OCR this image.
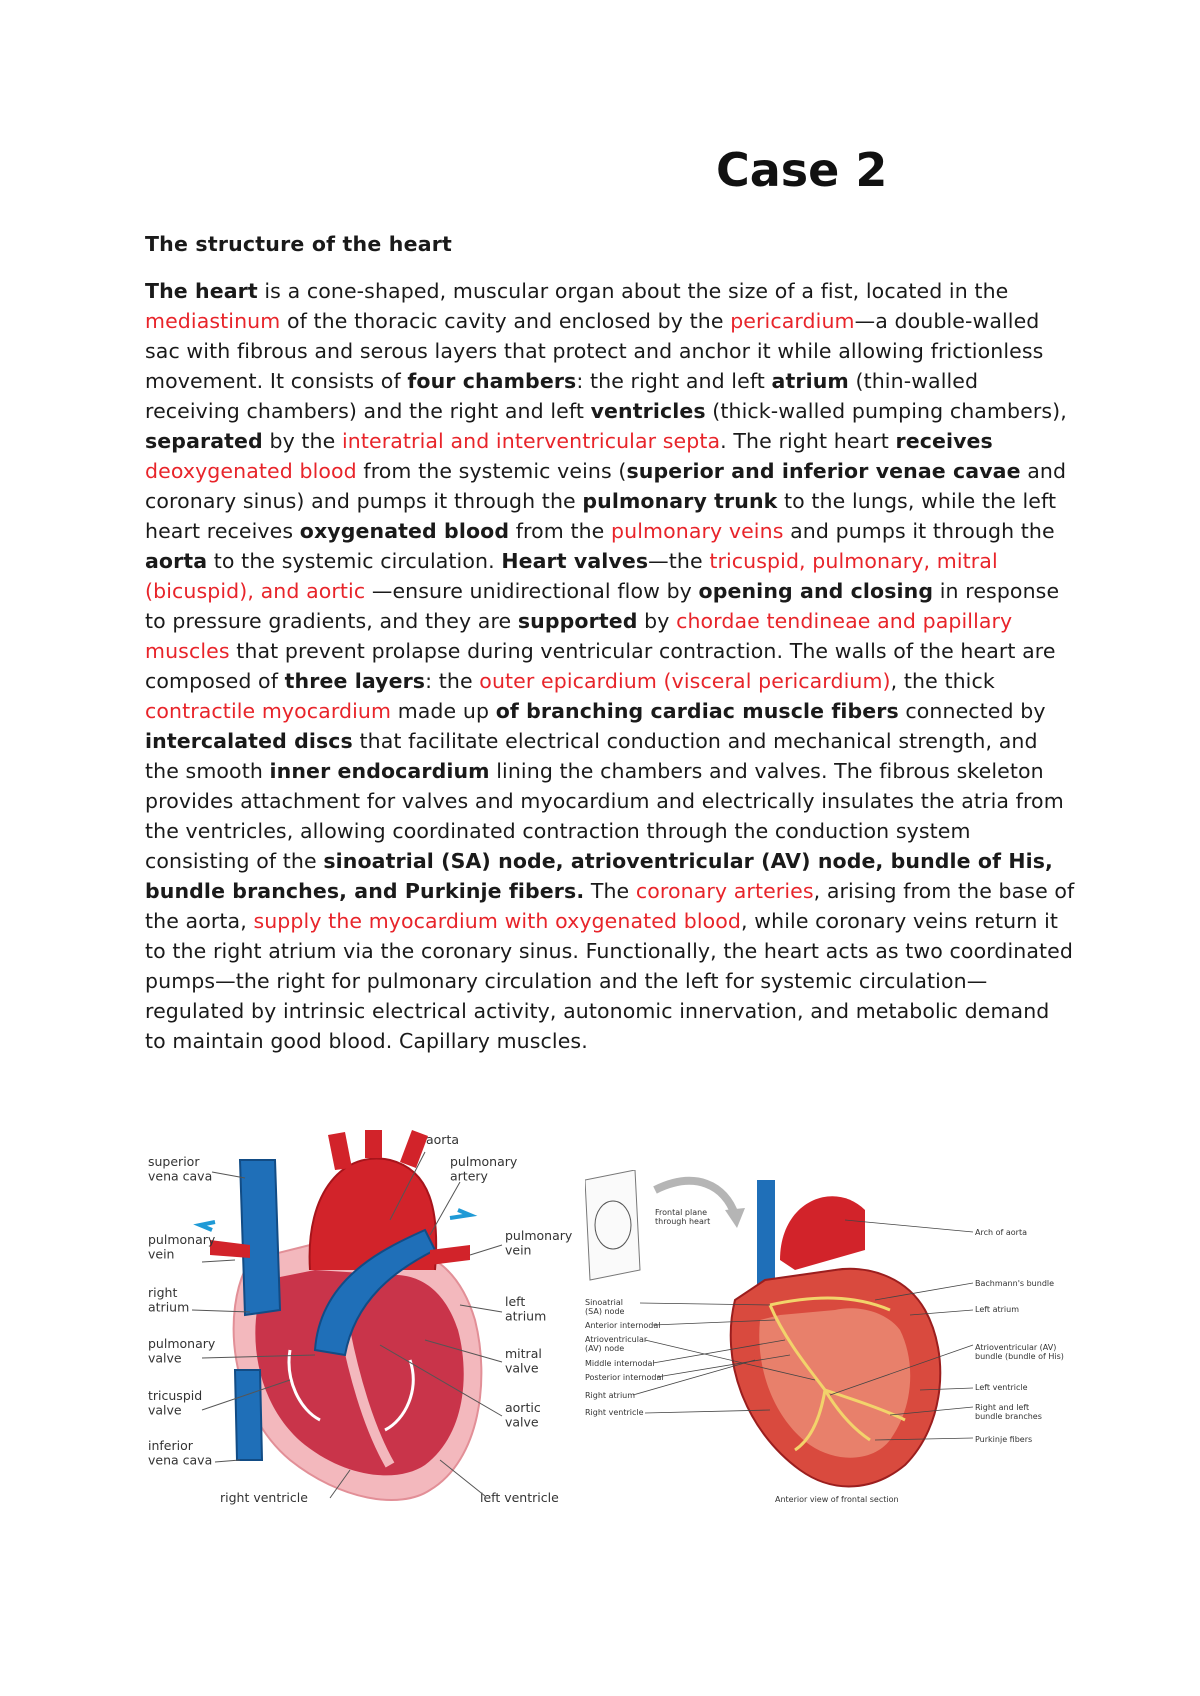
Case 2
The structure of the heart

The heart is a cone-shaped, muscular organ about the size of a fist, located in the mediastinum of the thoracic cavity and enclosed by the pericardium—a double-walled sac with fibrous and serous layers that protect and anchor it while allowing frictionless movement. It consists of four chambers: the right and left atrium (thin-walled receiving chambers) and the right and left ventricles (thick-walled pumping chambers), separated by the interatrial and interventricular septa. The right heart receives deoxygenated blood from the systemic veins (superior and inferior venae cavae and coronary sinus) and pumps it through the pulmonary trunk to the lungs, while the left heart receives oxygenated blood from the pulmonary veins and pumps it through the aorta to the systemic circulation. Heart valves—the tricuspid, pulmonary, mitral (bicuspid), and aortic —ensure unidirectional flow by opening and closing in response to pressure gradients, and they are supported by chordae tendineae and papillary muscles that prevent prolapse during ventricular contraction. The walls of the heart are composed of three layers: the outer epicardium (visceral pericardium), the thick contractile myocardium made up of branching cardiac muscle fibers connected by intercalated discs that facilitate electrical conduction and mechanical strength, and the smooth inner endocardium lining the chambers and valves. The fibrous skeleton provides attachment for valves and myocardium and electrically insulates the atria from the ventricles, allowing coordinated contraction through the conduction system consisting of the sinoatrial (SA) node, atrioventricular (AV) node, bundle of His, bundle branches, and Purkinje fibers. The coronary arteries, arising from the base of the aorta, supply the myocardium with oxygenated blood, while coronary veins return it to the right atrium via the coronary sinus. Functionally, the heart acts as two coordinated pumps—the right for pulmonary circulation and the left for systemic circulation—regulated by intrinsic electrical activity, autonomic innervation, and metabolic demand to maintain good blood. Capillary muscles.

superior vena cava
pulmonary vein
right atrium
pulmonary valve
tricuspid valve
inferior vena cava
right ventricle
aorta
pulmonary artery
pulmonary vein
left atrium
mitral valve
aortic valve
left ventricle
Frontal plane through heart
Sinoatrial (SA) node
Anterior internodal
Atrioventricular (AV) node
Middle internodal
Posterior internodal
Right atrium
Right ventricle
Arch of aorta
Bachmann's bundle
Left atrium
Atrioventricular (AV) bundle (bundle of His)
Left ventricle
Right and left bundle branches
Purkinje fibers
Anterior view of frontal section
